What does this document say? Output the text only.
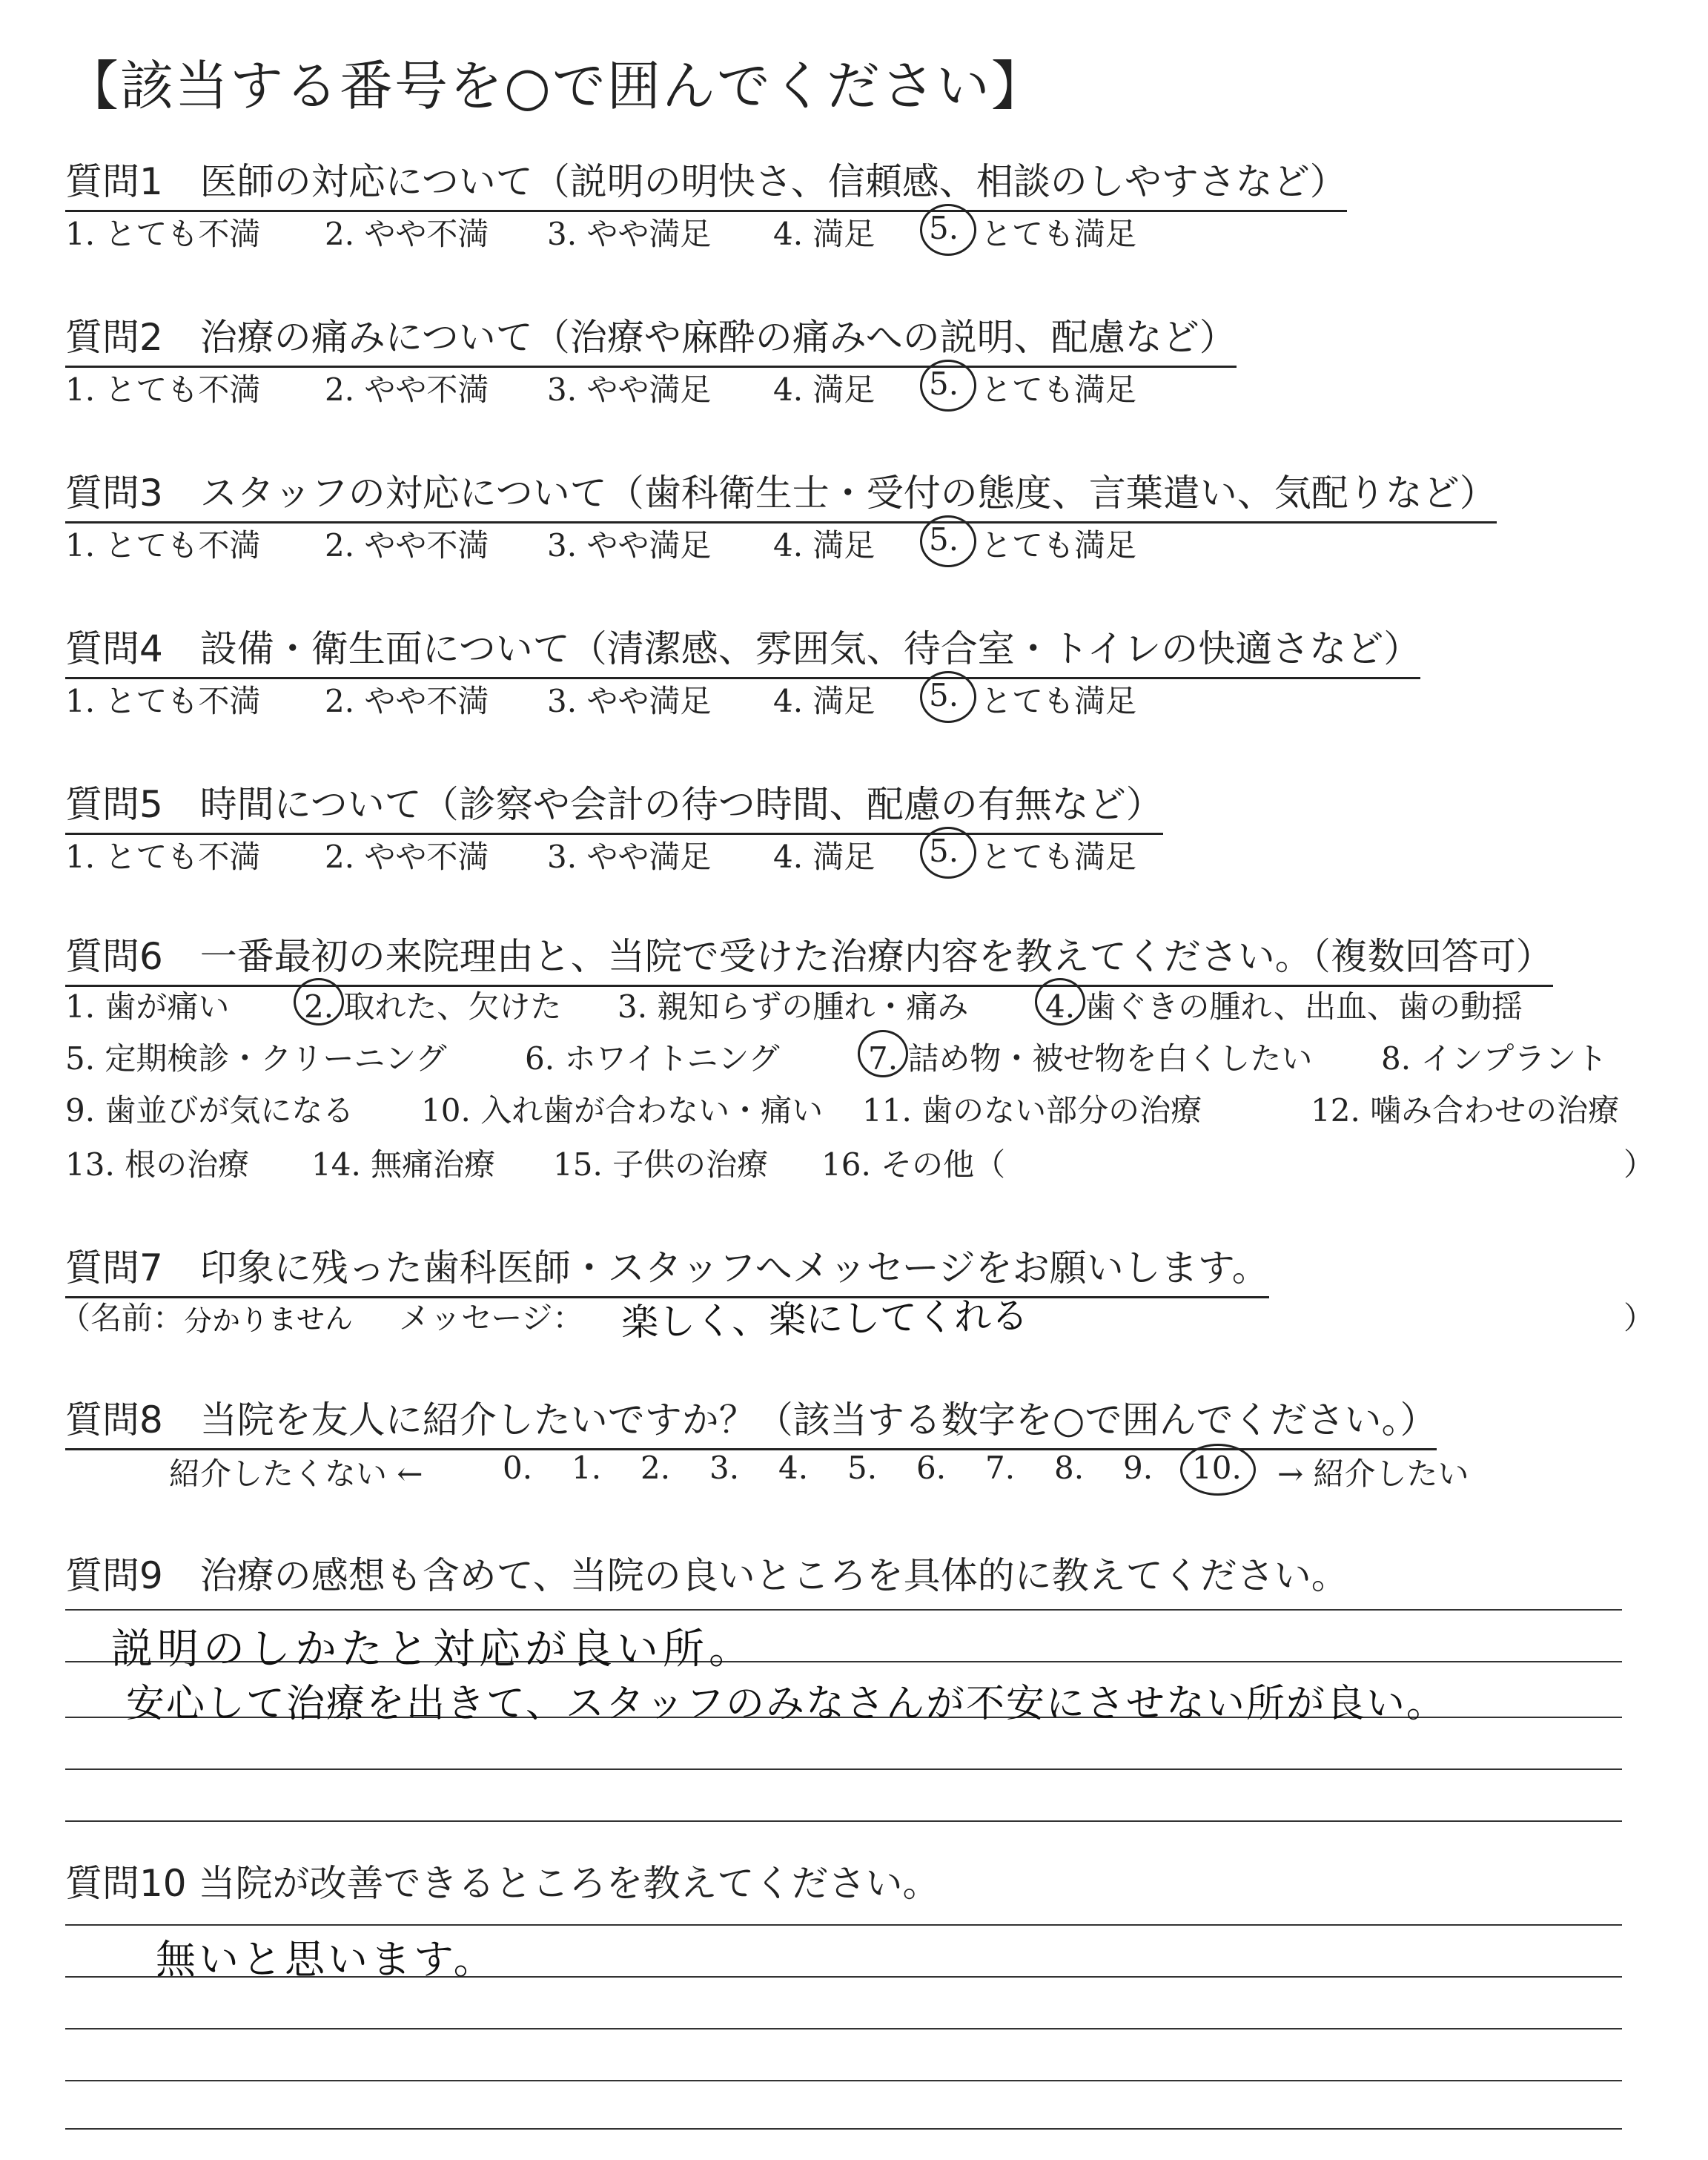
【該当する番号を○で囲んでください】
質問1　医師の対応について（説明の明快さ、信頼感、相談のしやすさなど）
1. とても不満 2. やや不満 3. やや満足 4. 満足 5. とても満足
質問2　治療の痛みについて（治療や麻酔の痛みへの説明、配慮など）
1. とても不満 2. やや不満 3. やや満足 4. 満足 5. とても満足
質問3　スタッフの対応について（歯科衛生士・受付の態度、言葉遣い、気配りなど）
1. とても不満 2. やや不満 3. やや満足 4. 満足 5. とても満足
質問4　設備・衛生面について（清潔感、雰囲気、待合室・トイレの快適さなど）
1. とても不満 2. やや不満 3. やや満足 4. 満足 5. とても満足
質問5　時間について（診察や会計の待つ時間、配慮の有無など）
1. とても不満 2. やや不満 3. やや満足 4. 満足 5. とても満足
質問6　一番最初の来院理由と、当院で受けた治療内容を教えてください。（複数回答可）
1. 歯が痛い 2. 取れた、欠けた 3. 親知らずの腫れ・痛み 4. 歯ぐきの腫れ、出血、歯の動揺
5. 定期検診・クリーニング	6. ホワイトニング	7. 詰め物・被せ物を白くしたい 8. インプラント
9. 歯並びが気になる 10. 入れ歯が合わない・痛い 11. 歯のない部分の治療	12. 噛み合わせの治療
13. 根の治療 14. 無痛治療 15. 子供の治療 16. その他（	）
質問7　印象に残った歯科医師・スタッフへメッセージをお願いします。
（名前： 分かりません メッセージ： 楽しく、楽にしてくれる	）
質問8　当院を友人に紹介したいですか？（該当する数字を○で囲んでください。）
紹介したくない ←	0. 1. 2. 3. 4. 5. 6. 7. 8. 9. 10. → 紹介したい
質問9　治療の感想も含めて、当院の良いところを具体的に教えてください。
説明のしかたと対応が良い所。
安心して治療を出きて、スタッフのみなさんが不安にさせない所が良い。
質問10 当院が改善できるところを教えてください。
無いと思います。
